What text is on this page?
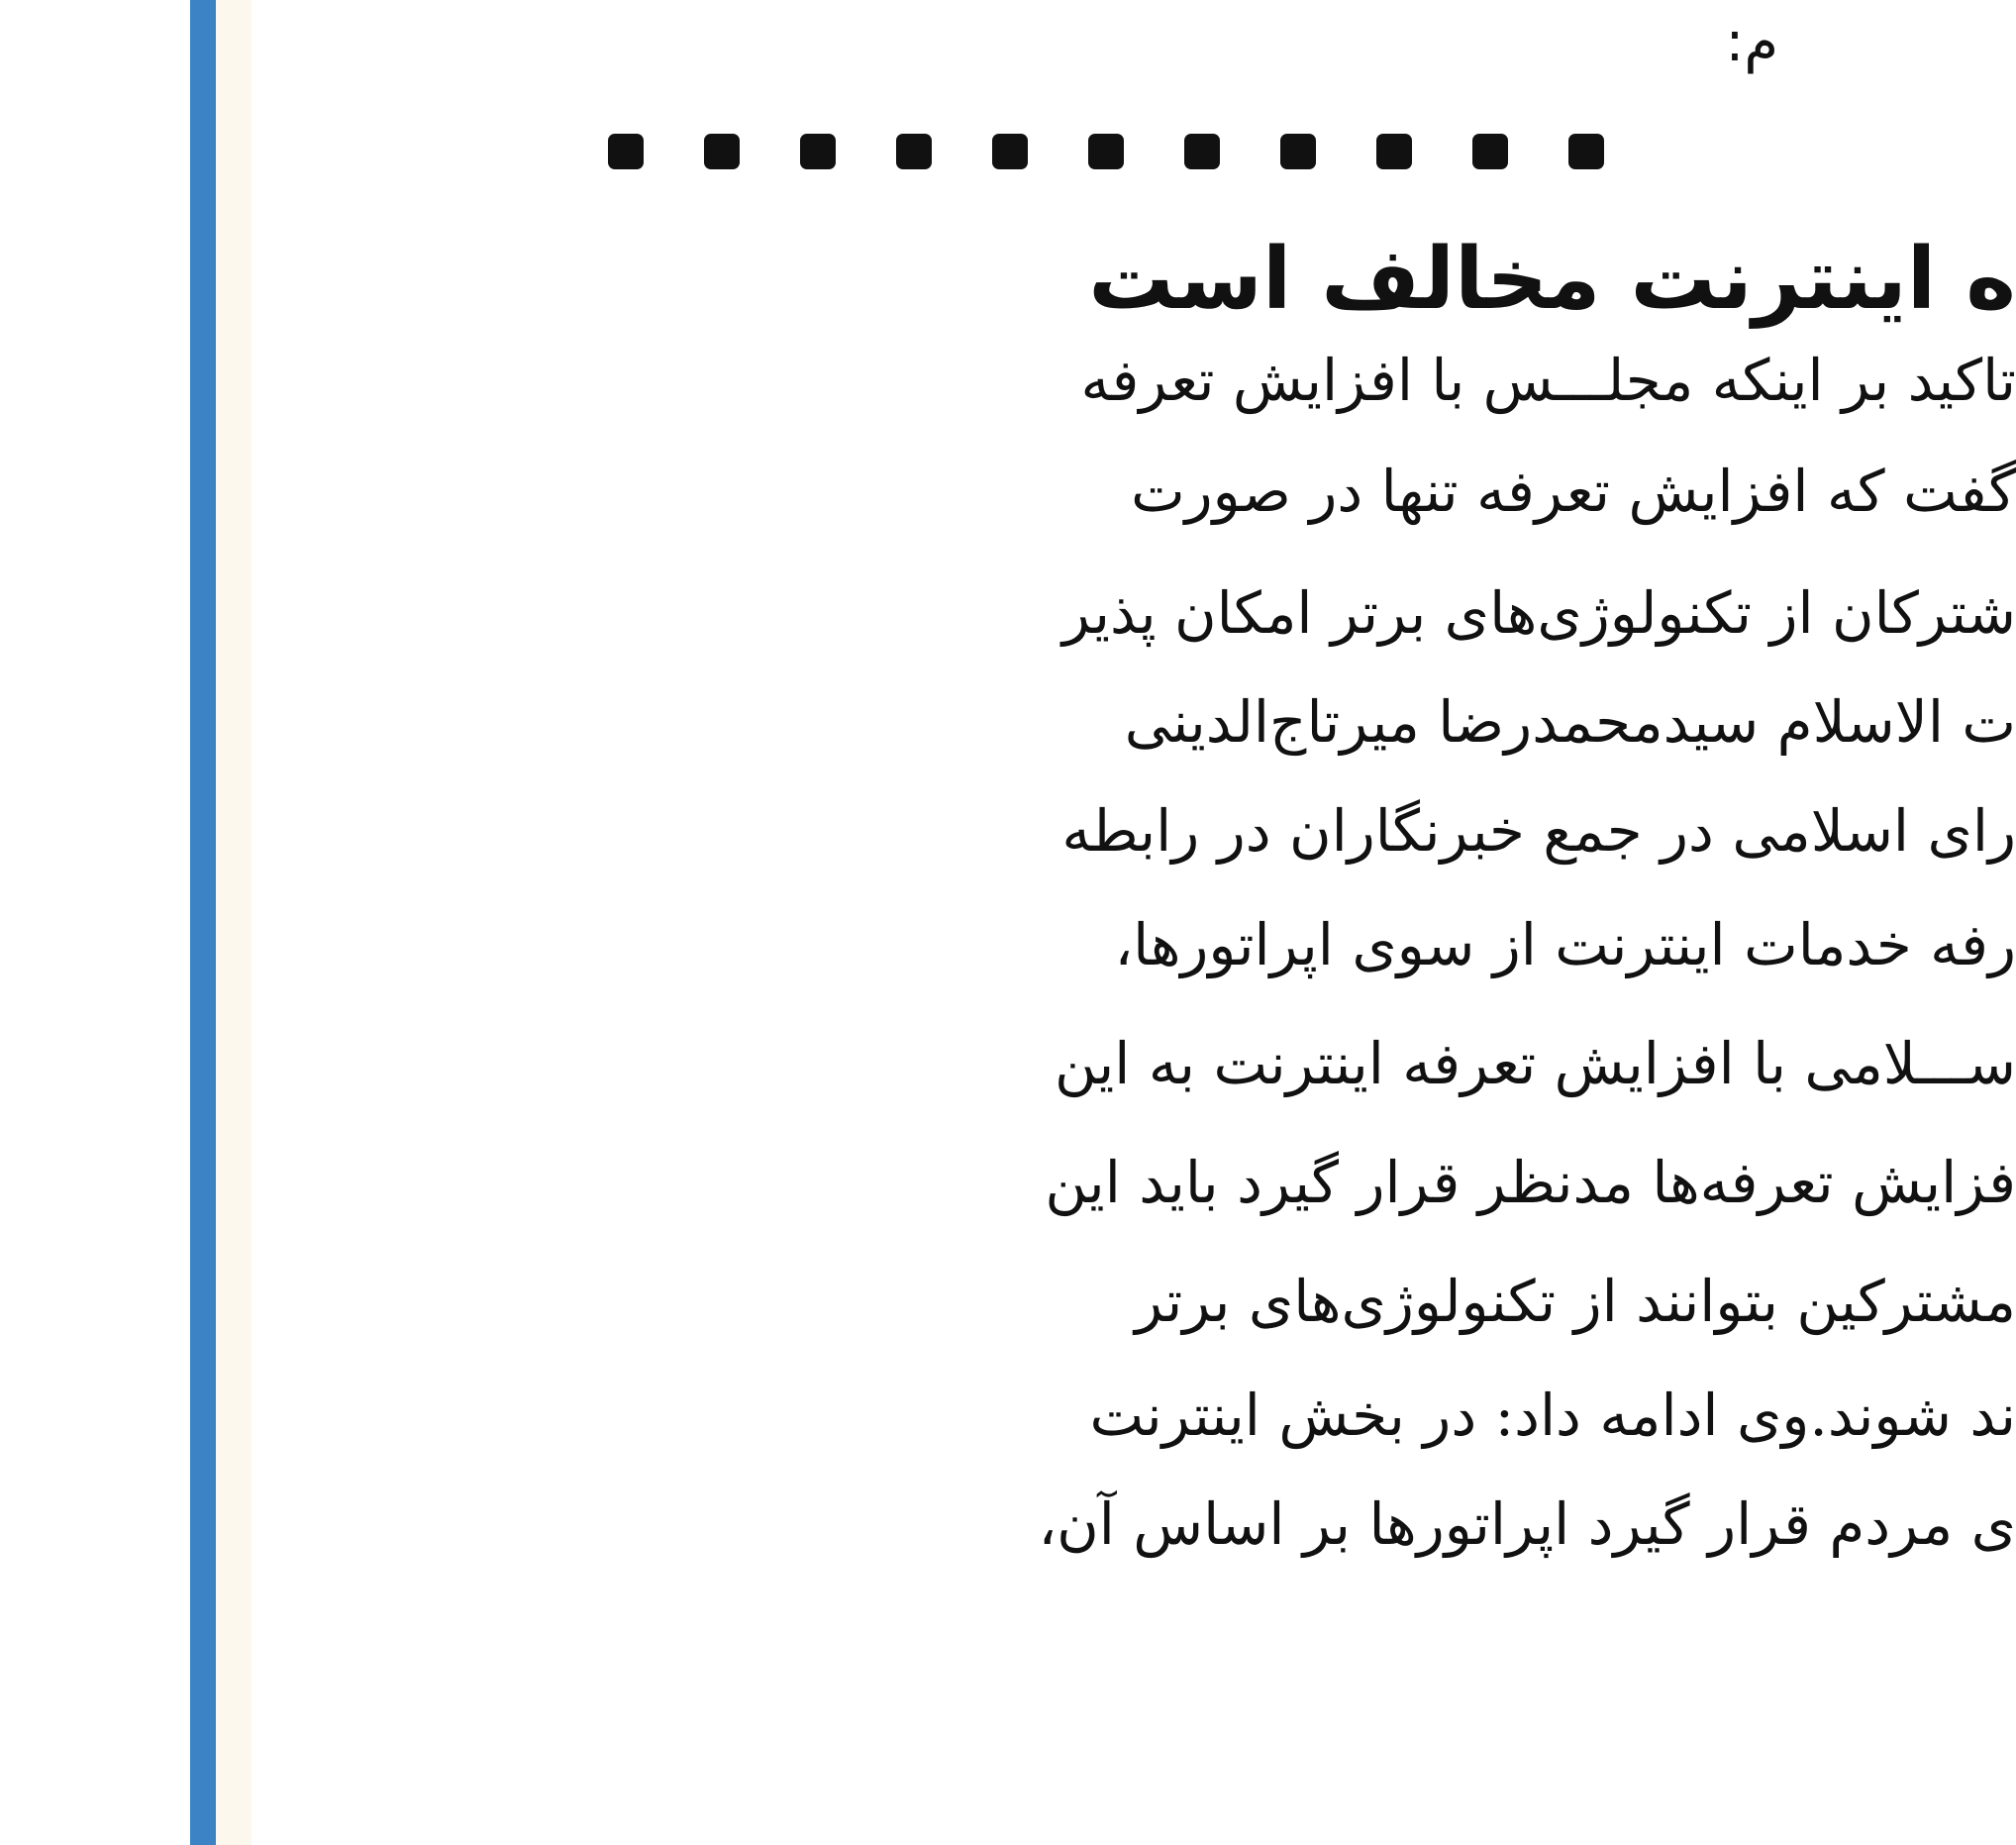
م:
ه اینترنت مخالف است
تاکید بر اینکه مجلـــس با افزایش تعرفه
گفت که افزایش تعرفه تنها در صورت
شترکان از تکنولوژی‌های برتر امکان پذیر
ت الاسلام سیدمحمدرضا میرتاج‌الدینی
رای اسلامی در جمع خبرنگاران در رابطه
رفه خدمات اینترنت از سوی اپراتورها،
ســـلامی با افزایش تعرفه اینترنت به این
فزایش تعرفه‌ها مدنظر قرار گیرد باید این
مشترکین بتوانند از تکنولوژی‌های برتر
ند شوند.وی ادامه داد: در بخش اینترنت
ی مردم قرار گیرد اپراتورها بر اساس آن،
